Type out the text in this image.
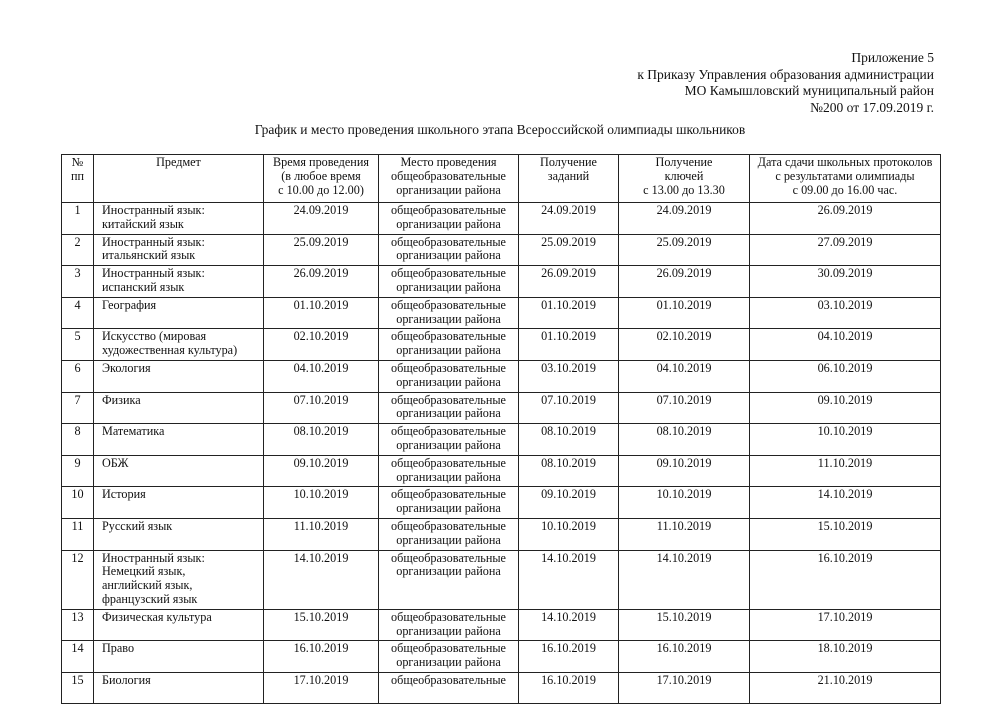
Приложение 5
к Приказу Управления образования администрации
МО Камышловский муниципальный район
№200 от 17.09.2019 г.
График и место проведения школьного этапа Всероссийской олимпиады школьников
№
пп	Предмет	Время проведения
(в любое время
с 10.00 до 12.00)	Место проведения
общеобразовательные
организации района	Получение
заданий	Получение
ключей
с 13.00 до 13.30	Дата сдачи школьных протоколов
с результатами олимпиады
с 09.00 до 16.00 час.

1	Иностранный язык:
китайский язык	24.09.2019	общеобразовательные
организации района	24.09.2019	24.09.2019	26.09.2019
2	Иностранный язык:
итальянский язык	25.09.2019	общеобразовательные
организации района	25.09.2019	25.09.2019	27.09.2019
3	Иностранный язык:
испанский язык	26.09.2019	общеобразовательные
организации района	26.09.2019	26.09.2019	30.09.2019
4	География	01.10.2019	общеобразовательные
организации района	01.10.2019	01.10.2019	03.10.2019
5	Искусство (мировая
художественная культура)	02.10.2019	общеобразовательные
организации района	01.10.2019	02.10.2019	04.10.2019
6	Экология	04.10.2019	общеобразовательные
организации района	03.10.2019	04.10.2019	06.10.2019
7	Физика	07.10.2019	общеобразовательные
организации района	07.10.2019	07.10.2019	09.10.2019
8	Математика	08.10.2019	общеобразовательные
организации района	08.10.2019	08.10.2019	10.10.2019
9	ОБЖ	09.10.2019	общеобразовательные
организации района	08.10.2019	09.10.2019	11.10.2019
10	История	10.10.2019	общеобразовательные
организации района	09.10.2019	10.10.2019	14.10.2019
11	Русский язык	11.10.2019	общеобразовательные
организации района	10.10.2019	11.10.2019	15.10.2019
12	Иностранный язык:
Немецкий язык,
английский язык,
французский язык	14.10.2019	общеобразовательные
организации района	14.10.2019	14.10.2019	16.10.2019
13	Физическая культура	15.10.2019	общеобразовательные
организации района	14.10.2019	15.10.2019	17.10.2019
14	Право	16.10.2019	общеобразовательные
организации района	16.10.2019	16.10.2019	18.10.2019
15	Биология	17.10.2019	общеобразовательные	16.10.2019	17.10.2019	21.10.2019
